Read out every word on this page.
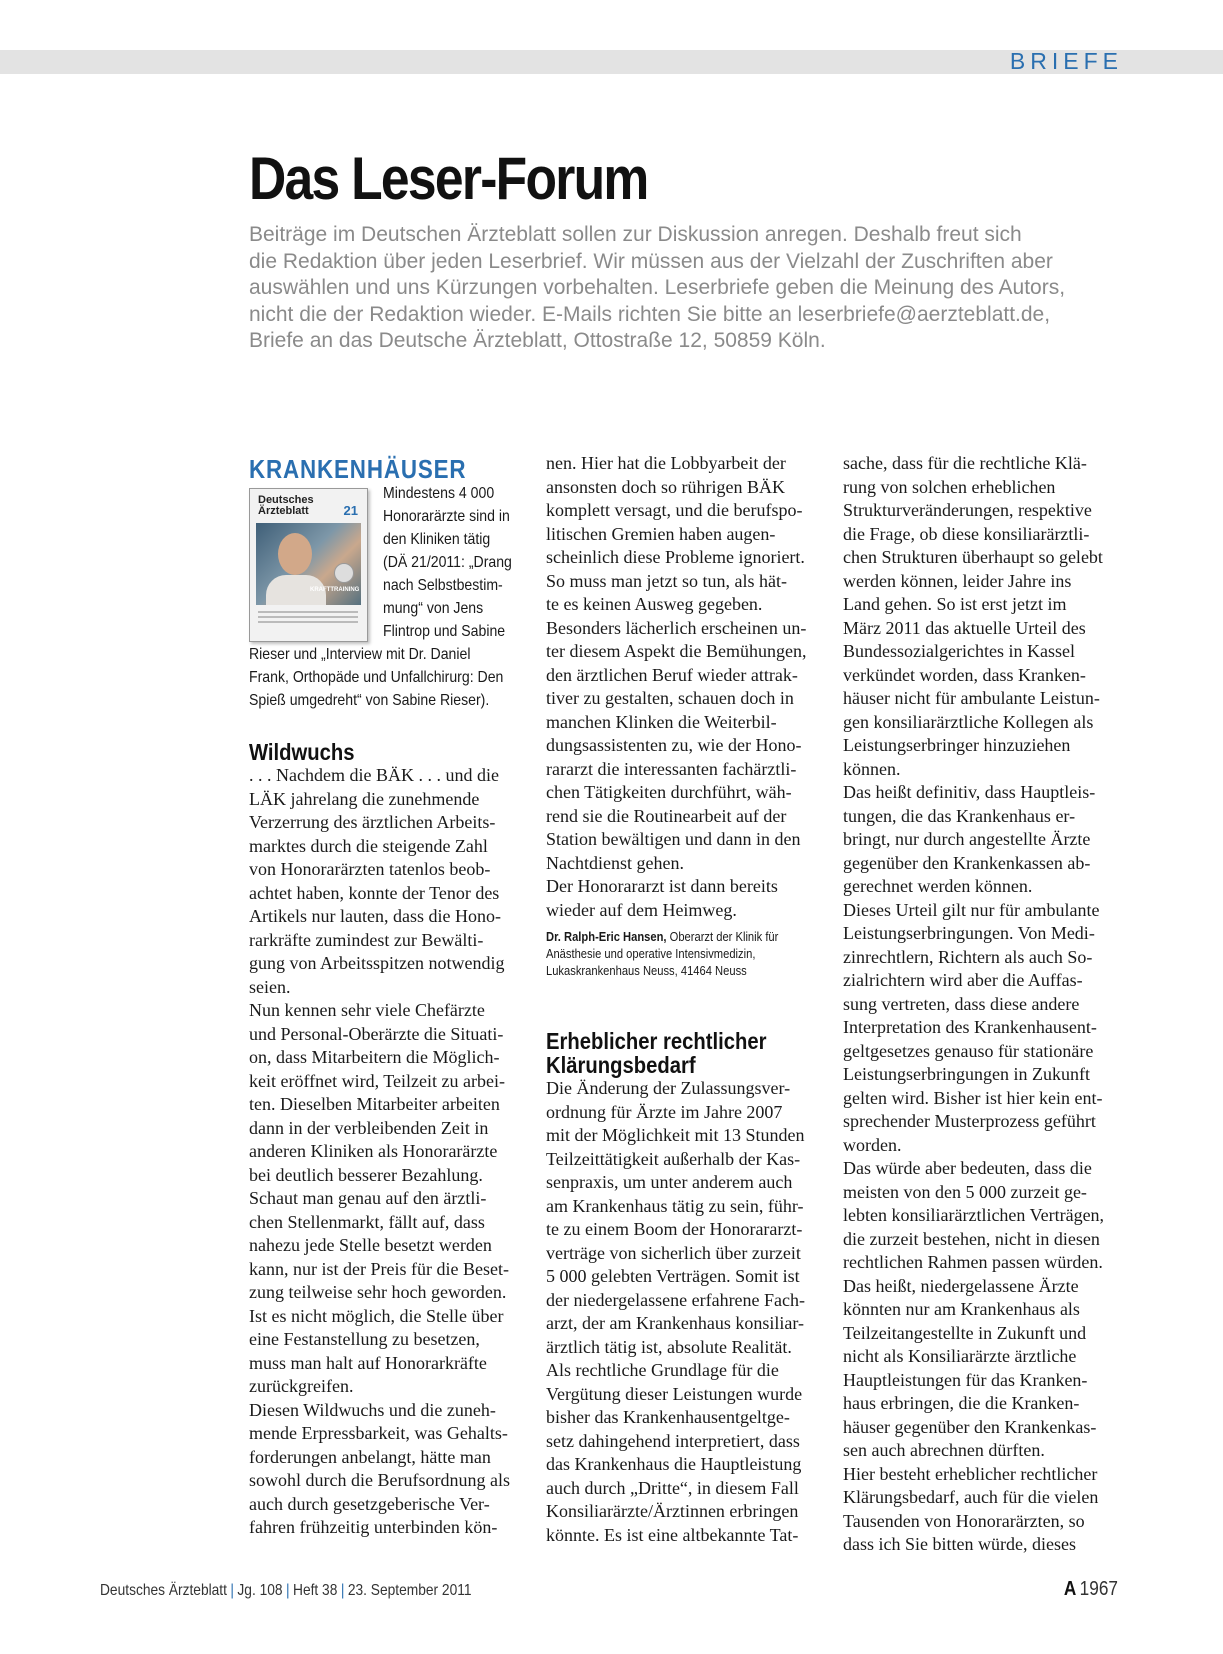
BRIEFE
Das Leser-Forum

Beiträge im Deutschen Ärzteblatt sollen zur Diskussion anregen. Deshalb freut sich

die Redaktion über jeden Leserbrief. Wir müssen aus der Vielzahl der Zuschriften aber

auswählen und uns Kürzungen vorbehalten. Leserbriefe geben die Meinung des Autors,

nicht die der Redaktion wieder. E-Mails richten Sie bitte an leserbriefe@aerzteblatt.de,

Briefe an das Deutsche Ärzteblatt, Ottostraße 12, 50859 Köln.

KRANKENHÄUSER
Deutsches
Ärzteblatt	21
KRAFTTRAINING

Mindestens 4 000

Honorarärzte sind in

den Kliniken tätig

(DÄ 21/2011: „Drang

nach Selbstbestim-

mung“ von Jens

Flintrop und Sabine

Rieser und „Interview mit Dr. Daniel

Frank, Orthopäde und Unfallchirurg: Den

Spieß umgedreht“ von Sabine Rieser).

Wildwuchs

. . . Nachdem die BÄK . . . und die

LÄK jahrelang die zunehmende

Verzerrung des ärztlichen Arbeits-

marktes durch die steigende Zahl

von Honorarärzten tatenlos beob-

achtet haben, konnte der Tenor des

Artikels nur lauten, dass die Hono-

rarkräfte zumindest zur Bewälti-

gung von Arbeitsspitzen notwendig

seien.

Nun kennen sehr viele Chefärzte

und Personal-Oberärzte die Situati-

on, dass Mitarbeitern die Möglich-

keit eröffnet wird, Teilzeit zu arbei-

ten. Dieselben Mitarbeiter arbeiten

dann in der verbleibenden Zeit in

anderen Kliniken als Honorarärzte

bei deutlich besserer Bezahlung.

Schaut man genau auf den ärztli-

chen Stellenmarkt, fällt auf, dass

nahezu jede Stelle besetzt werden

kann, nur ist der Preis für die Beset-

zung teilweise sehr hoch geworden.

Ist es nicht möglich, die Stelle über

eine Festanstellung zu besetzen,

muss man halt auf Honorarkräfte

zurückgreifen.

Diesen Wildwuchs und die zuneh-

mende Erpressbarkeit, was Gehalts-

forderungen anbelangt, hätte man

sowohl durch die Berufsordnung als

auch durch gesetzgeberische Ver-

fahren frühzeitig unterbinden kön-

nen. Hier hat die Lobbyarbeit der

ansonsten doch so rührigen BÄK

komplett versagt, und die berufspo-

litischen Gremien haben augen-

scheinlich diese Probleme ignoriert.

So muss man jetzt so tun, als hät-

te es keinen Ausweg gegeben.

Besonders lächerlich erscheinen un-

ter diesem Aspekt die Bemühungen,

den ärztlichen Beruf wieder attrak-

tiver zu gestalten, schauen doch in

manchen Klinken die Weiterbil-

dungsassistenten zu, wie der Hono-

rararzt die interessanten fachärztli-

chen Tätigkeiten durchführt, wäh-

rend sie die Routinearbeit auf der

Station bewältigen und dann in den

Nachtdienst gehen.

Der Honorararzt ist dann bereits

wieder auf dem Heimweg.

Dr. Ralph-Eric Hansen, Oberarzt der Klinik für

Anästhesie und operative Intensivmedizin,

Lukaskrankenhaus Neuss, 41464 Neuss

Erheblicher rechtlicher
Klärungsbedarf

Die Änderung der Zulassungsver-

ordnung für Ärzte im Jahre 2007

mit der Möglichkeit mit 13 Stunden

Teilzeittätigkeit außerhalb der Kas-

senpraxis, um unter anderem auch

am Krankenhaus tätig zu sein, führ-

te zu einem Boom der Honorararzt-

verträge von sicherlich über zurzeit

5 000 gelebten Verträgen. Somit ist

der niedergelassene erfahrene Fach-

arzt, der am Krankenhaus konsiliar-

ärztlich tätig ist, absolute Realität.

Als rechtliche Grundlage für die

Vergütung dieser Leistungen wurde

bisher das Krankenhausentgeltge-

setz dahingehend interpretiert, dass

das Krankenhaus die Hauptleistung

auch durch „Dritte“, in diesem Fall

Konsiliarärzte/Ärztinnen erbringen

könnte. Es ist eine altbekannte Tat-

sache, dass für die rechtliche Klä-

rung von solchen erheblichen

Strukturveränderungen, respektive

die Frage, ob diese konsiliarärztli-

chen Strukturen überhaupt so gelebt

werden können, leider Jahre ins

Land gehen. So ist erst jetzt im

März 2011 das aktuelle Urteil des

Bundessozialgerichtes in Kassel

verkündet worden, dass Kranken-

häuser nicht für ambulante Leistun-

gen konsiliarärztliche Kollegen als

Leistungserbringer hinzuziehen

können.

Das heißt definitiv, dass Hauptleis-

tungen, die das Krankenhaus er-

bringt, nur durch angestellte Ärzte

gegenüber den Krankenkassen ab-

gerechnet werden können.

Dieses Urteil gilt nur für ambulante

Leistungserbringungen. Von Medi-

zinrechtlern, Richtern als auch So-

zialrichtern wird aber die Auffas-

sung vertreten, dass diese andere

Interpretation des Krankenhausent-

geltgesetzes genauso für stationäre

Leistungserbringungen in Zukunft

gelten wird. Bisher ist hier kein ent-

sprechender Musterprozess geführt

worden.

Das würde aber bedeuten, dass die

meisten von den 5 000 zurzeit ge-

lebten konsiliarärztlichen Verträgen,

die zurzeit bestehen, nicht in diesen

rechtlichen Rahmen passen würden.

Das heißt, niedergelassene Ärzte

könnten nur am Krankenhaus als

Teilzeitangestellte in Zukunft und

nicht als Konsiliarärzte ärztliche

Hauptleistungen für das Kranken-

haus erbringen, die die Kranken-

häuser gegenüber den Krankenkas-

sen auch abrechnen dürften.

Hier besteht erheblicher rechtlicher

Klärungsbedarf, auch für die vielen

Tausenden von Honorarärzten, so

dass ich Sie bitten würde, dieses

Deutsches Ärzteblatt | Jg. 108 | Heft 38 | 23. September 2011	A 1967
